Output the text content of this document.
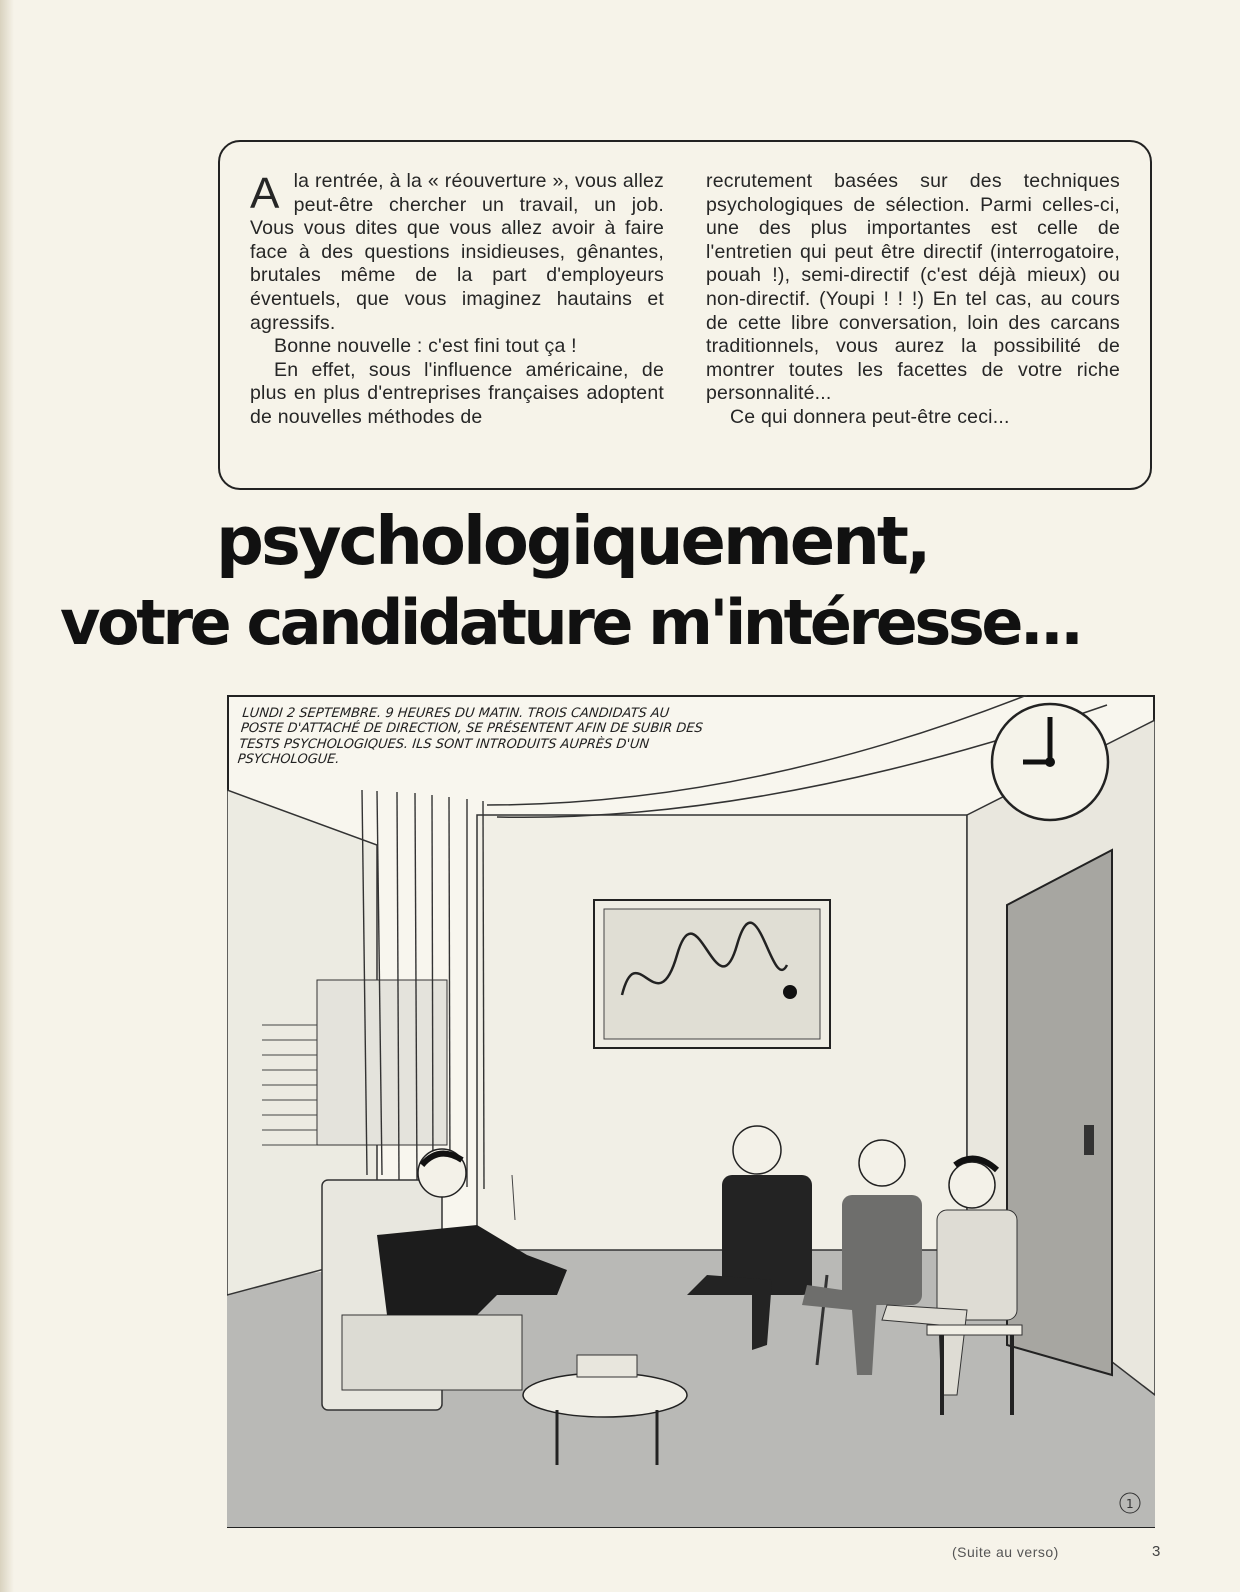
Ala rentrée, à la « réouverture », vous allez peut-être chercher un travail, un job. Vous vous dites que vous allez avoir à faire face à des questions insidieuses, gênantes, brutales même de la part d'employeurs éventuels, que vous imaginez hautains et agressifs.

Bonne nouvelle : c'est fini tout ça !

En effet, sous l'influence américaine, de plus en plus d'entreprises françaises adoptent de nouvelles méthodes de

recrutement basées sur des techniques psychologiques de sélection. Parmi celles-ci, une des plus importantes est celle de l'entretien qui peut être directif (interrogatoire, pouah !), semi-directif (c'est déjà mieux) ou non-directif. (Youpi ! ! !) En tel cas, au cours de cette libre conversation, loin des carcans traditionnels, vous aurez la possibilité de montrer toutes les facettes de votre riche personnalité...

Ce qui donnera peut-être ceci...

psychologiquement,
votre candidature m'intéresse...
1
LUNDI 2 SEPTEMBRE. 9 HEURES DU MATIN. TROIS CANDIDATS AU POSTE D'ATTACHÉ DE DIRECTION, SE PRÉSENTENT AFIN DE SUBIR DES TESTS PSYCHOLOGIQUES. ILS SONT INTRODUITS AUPRÈS D'UN PSYCHOLOGUE.
(Suite au verso)	3
